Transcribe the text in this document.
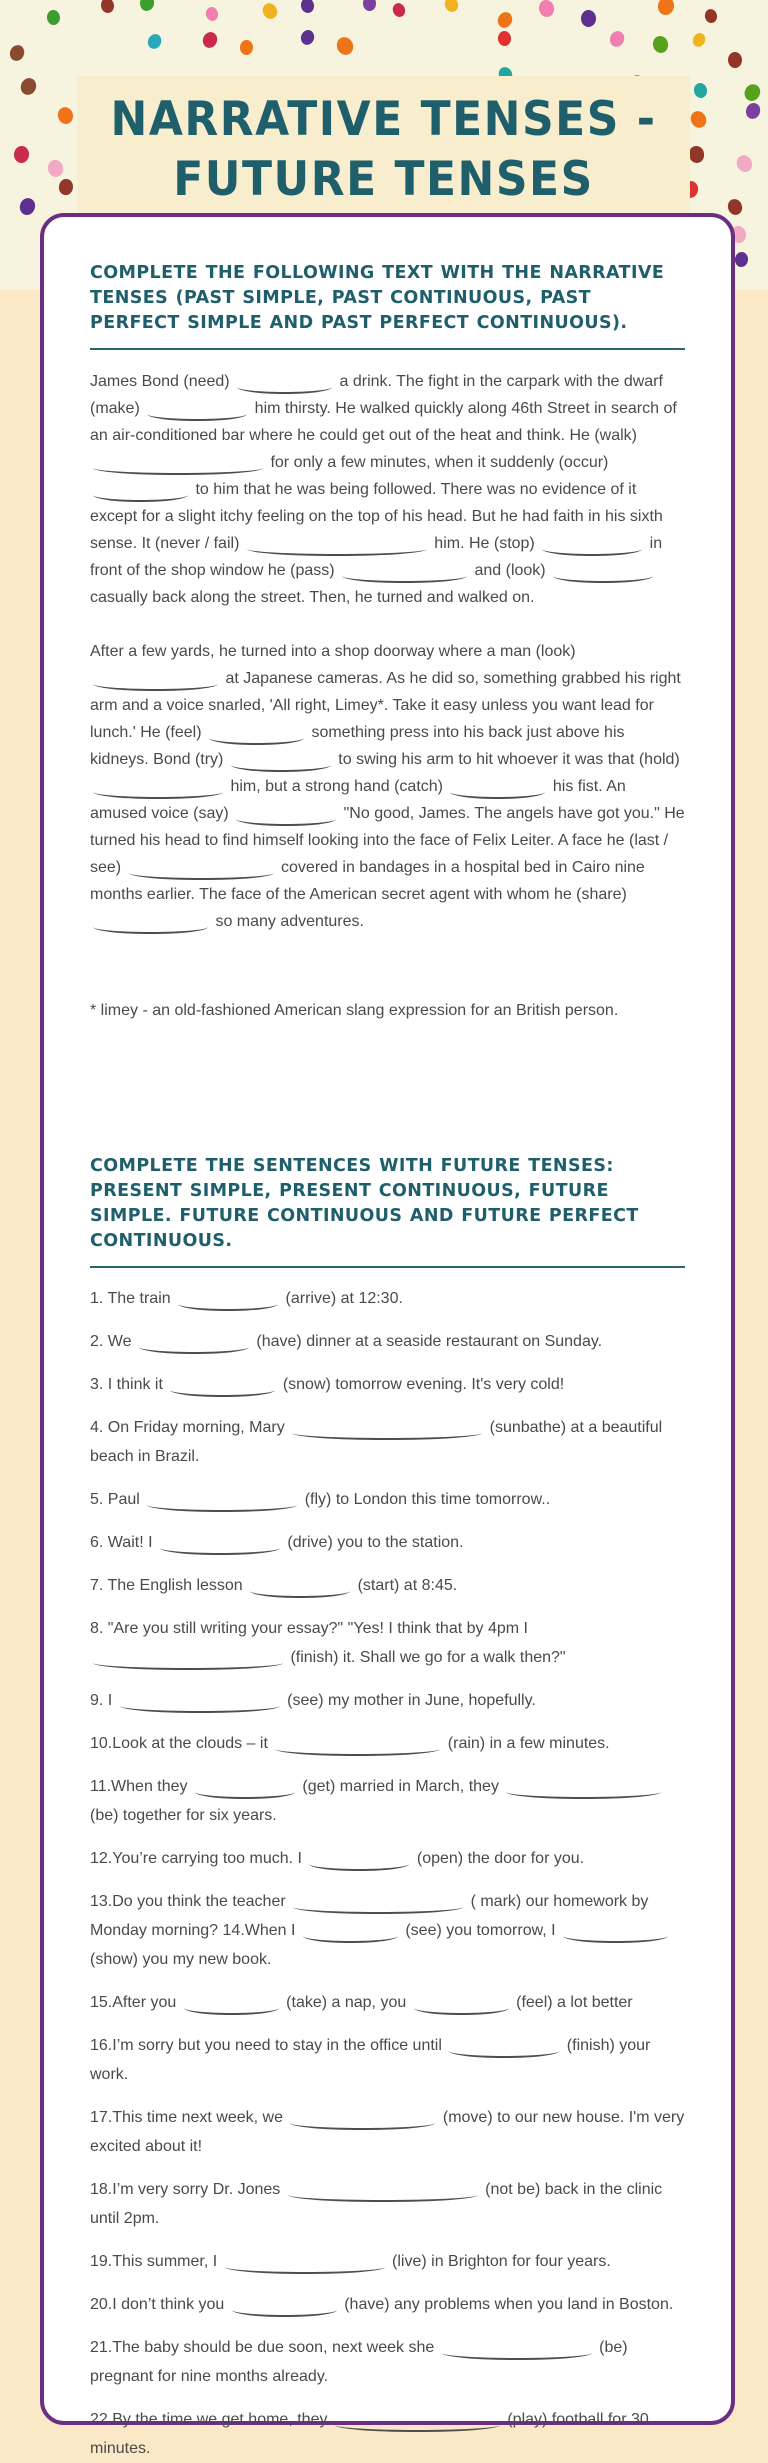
NARRATIVE TENSES -
FUTURE TENSES
COMPLETE THE FOLLOWING TEXT WITH THE NARRATIVE TENSES (PAST SIMPLE, PAST CONTINUOUS, PAST PERFECT SIMPLE AND PAST PERFECT CONTINUOUS).

James Bond (need)	a drink. The fight in the carpark with the dwarf (make)	him thirsty. He walked quickly along 46th Street in search of an air-conditioned bar where he could get out of the heat and think. He (walk)  for only a few minutes, when it suddenly (occur)  to him that he was being followed. There was no evidence of it except for a slight itchy feeling on the top of his head. But he had faith in his sixth sense. It (never / fail)	him. He (stop)	in front of the shop window he (pass)	and (look)  casually back along the street. Then, he turned and walked on.

After a few yards, he turned into a shop doorway where a man (look)  at Japanese cameras. As he did so, something grabbed his right arm and a voice snarled, 'All right, Limey*. Take it easy unless you want lead for lunch.' He (feel)	something press into his back just above his kidneys. Bond (try)	to swing his arm to hit whoever it was that (hold)  him, but a strong hand (catch)	his fist. An amused voice (say)	"No good, James. The angels have got you." He turned his head to find himself looking into the face of Felix Leiter. A face he (last / see)	covered in bandages in a hospital bed in Cairo nine months earlier. The face of the American secret agent with whom he (share)  so many adventures.

* limey - an old-fashioned American slang expression for an British person.

COMPLETE THE SENTENCES WITH FUTURE TENSES: PRESENT SIMPLE, PRESENT CONTINUOUS, FUTURE SIMPLE. FUTURE CONTINUOUS AND FUTURE PERFECT CONTINUOUS.

1. The train	(arrive) at 12:30.

2. We	(have) dinner at a seaside restaurant on Sunday.

3. I think it	(snow) tomorrow evening. It's very cold!

4. On Friday morning, Mary	(sunbathe) at a beautiful beach in Brazil.

5. Paul	(fly) to London this time tomorrow..

6. Wait! I	(drive) you to the station.

7. The English lesson	(start) at 8:45.

8. "Are you still writing your essay?" "Yes! I think that by 4pm I  (finish) it. Shall we go for a walk then?"

9. I	(see) my mother in June, hopefully.

10.Look at the clouds – it	(rain) in a few minutes.

11.When they	(get) married in March, they  (be) together for six years.

12.You’re carrying too much. I	(open) the door for you.

13.Do you think the teacher	( mark) our homework by Monday morning? 14.When I	(see) you tomorrow, I  (show) you my new book.

15.After you	(take) a nap, you	(feel) a lot better

16.I’m sorry but you need to stay in the office until	(finish) your work.

17.This time next week, we	(move) to our new house. I'm very excited about it!

18.I’m very sorry Dr. Jones	(not be) back in the clinic until 2pm.

19.This summer, I	(live) in Brighton for four years.

20.I don’t think you	(have) any problems when you land in Boston.

21.The baby should be due soon, next week she	(be) pregnant for nine months already.

22.By the time we get home, they	(play) football for 30 minutes.
